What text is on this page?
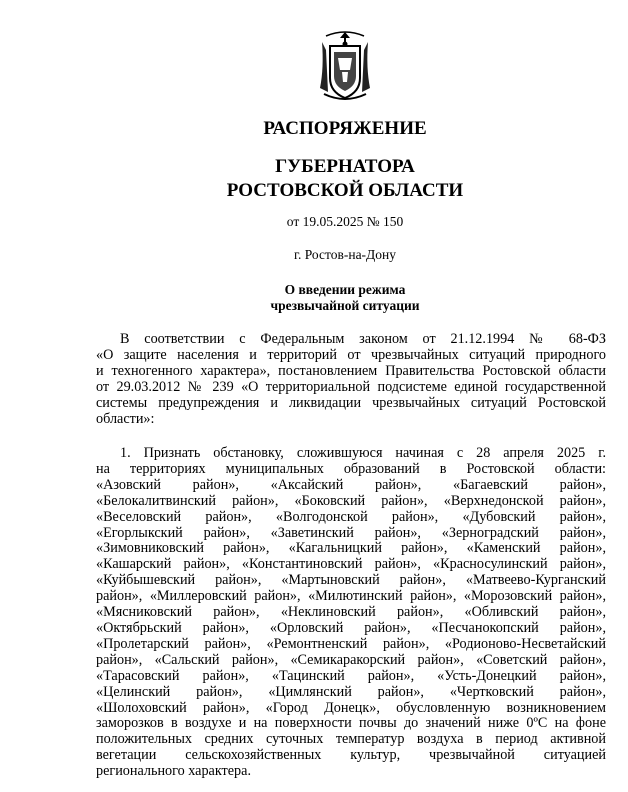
РАСПОРЯЖЕНИЕ
ГУБЕРНАТОРА
РОСТОВСКОЙ ОБЛАСТИ
от 19.05.2025 № 150
г. Ростов-на-Дону
О введении режима
чрезвычайной ситуации
В соответствии с Федеральным законом от 21.12.1994 № 68-ФЗ
«О защите населения и территорий от чрезвычайных ситуаций природного
и техногенного характера», постановлением Правительства Ростовской области
от 29.03.2012 № 239 «О территориальной подсистеме единой государственной
системы предупреждения и ликвидации чрезвычайных ситуаций Ростовской
области»:
1. Признать обстановку, сложившуюся начиная с 28 апреля 2025 г.
на территориях муниципальных образований в Ростовской области:
«Азовский район», «Аксайский район», «Багаевский район»,
«Белокалитвинский район», «Боковский район», «Верхнедонской район»,
«Веселовский район», «Волгодонской район», «Дубовский район»,
«Егорлыкский район», «Заветинский район», «Зерноградский район»,
«Зимовниковский район», «Кагальницкий район», «Каменский район»,
«Кашарский район», «Константиновский район», «Красносулинский район»,
«Куйбышевский район», «Мартыновский район», «Матвеево-Курганский
район», «Миллеровский район», «Милютинский район», «Морозовский район»,
«Мясниковский район», «Неклиновский район», «Обливский район»,
«Октябрьский район», «Орловский район», «Песчанокопский район»,
«Пролетарский район», «Ремонтненский район», «Родионово-Несветайский
район», «Сальский район», «Семикаракорский район», «Советский район»,
«Тарасовский район», «Тацинский район», «Усть-Донецкий район»,
«Целинский район», «Цимлянский район», «Чертковский район»,
«Шолоховский район», «Город Донецк», обусловленную возникновением
заморозков в воздухе и на поверхности почвы до значений ниже 0ºС на фоне
положительных средних суточных температур воздуха в период активной
вегетации сельскохозяйственных культур, чрезвычайной ситуацией
регионального характера.
